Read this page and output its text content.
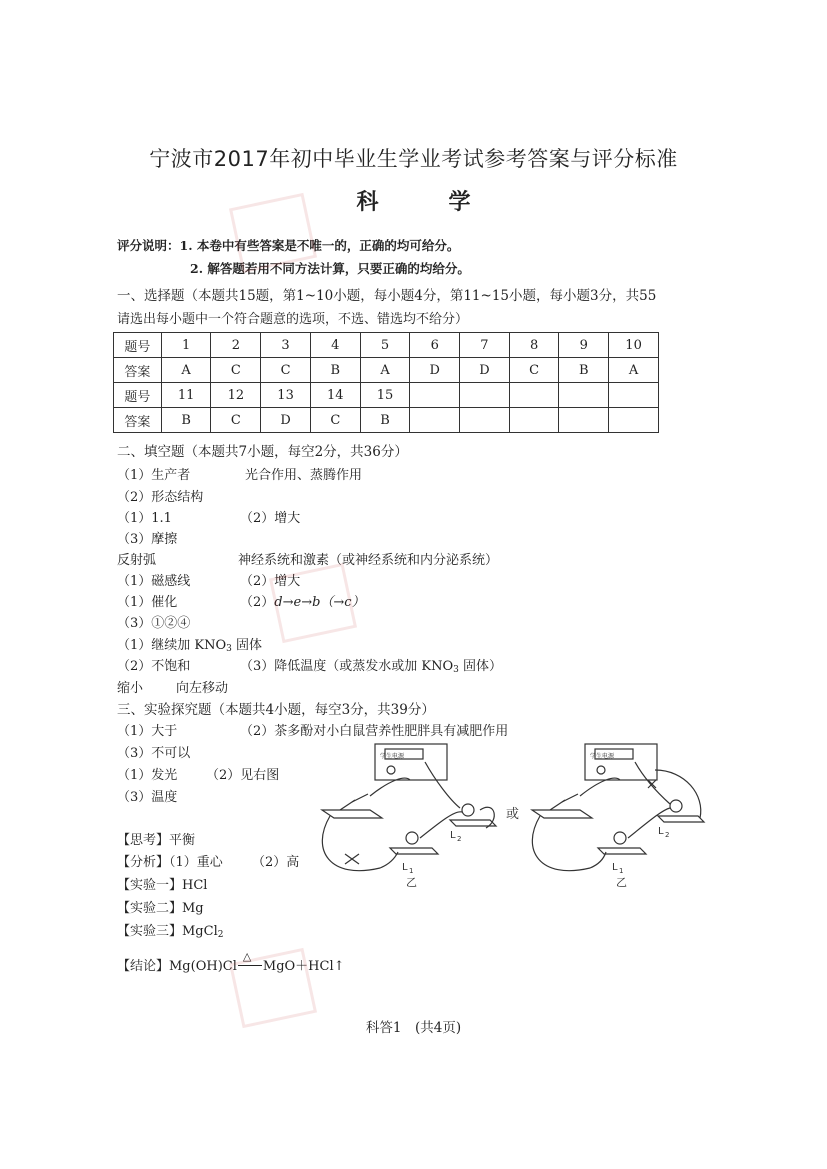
宁波市2017年初中毕业生学业考试参考答案与评分标准
科	学
评分说明：1. 本卷中有些答案是不唯一的，正确的均可给分。
2. 解答题若用不同方法计算，只要正确的均给分。
一、选择题（本题共15题，第1~10小题，每小题4分，第11~15小题，每小题3分，共55
请选出每小题中一个符合题意的选项，不选、错选均不给分）
题号	1	2	3	4	5	6	7	8	9	10
答案	A	C	C	B	A	D	D	C	B	A
题号	11	12	13	14	15					
答案	B	C	D	C	B					
二、填空题（本题共7小题，每空2分，共36分）
（1）生产者	光合作用、蒸腾作用
（2）形态结构
（1）1.1	（2）增大
（3）摩擦
反射弧	神经系统和激素（或神经系统和内分泌系统）
（1）磁感线	（2）增大
（1）催化	（2）d→e→b（→c）
（3）①②④
（1）继续加 $KNO_3$ 固体
（2）不饱和	（3）降低温度（或蒸发水或加 $KNO_3$ 固体）
缩小	向左移动
三、实验探究题（本题共4小题，每空3分，共39分）
（1）大于	（2）茶多酚对小白鼠营养性肥胖具有减肥作用
（3）不可以
（1）发光 （2）见右图
（3）温度
【思考】平衡
【分析】（1）重心 （2）高
【实验一】HCl
【实验二】Mg
【实验三】MgCl$_2$
【结论】Mg(OH)Cl
△
MgO＋HCl↑
学生电源	学生电源
或
L 2
L 1
乙
L 2
L 1
乙
科答1　(共4页)
